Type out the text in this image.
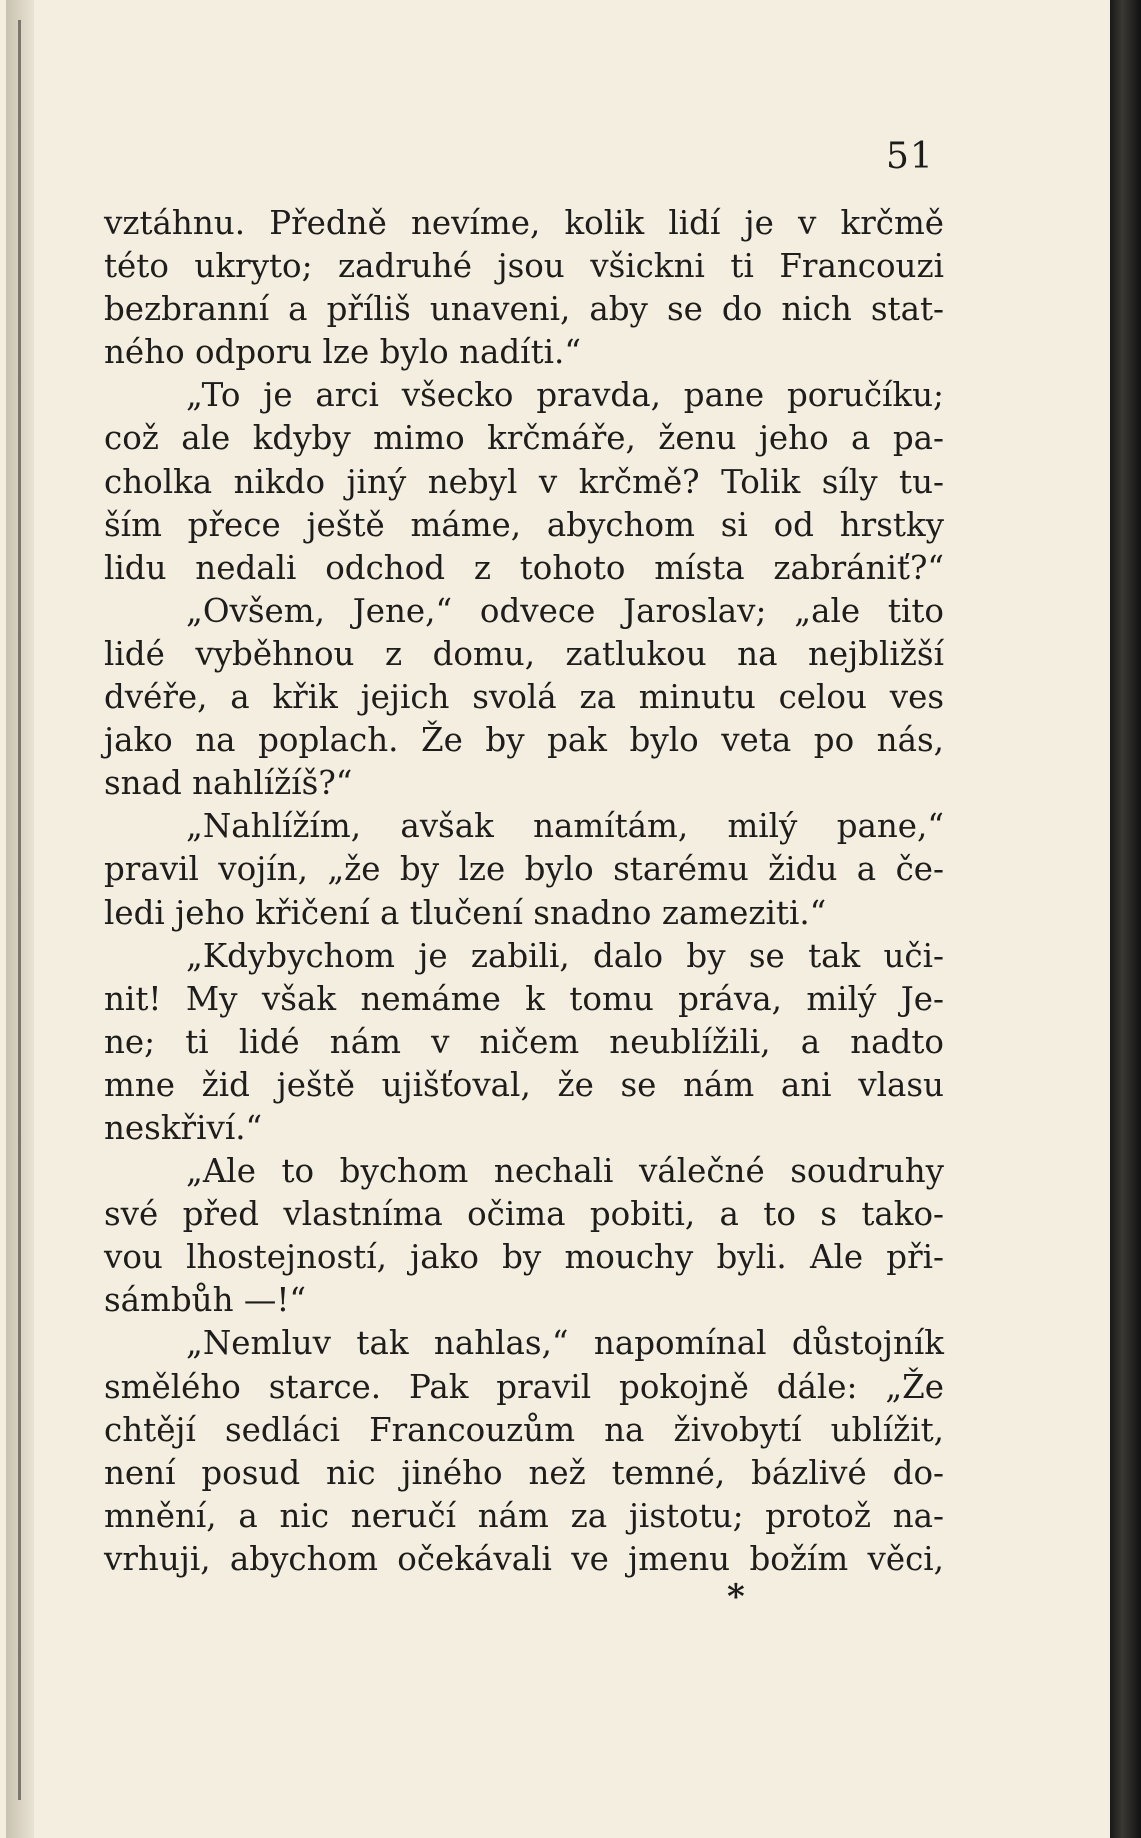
51
vztáhnu. Předně nevíme, kolik lidí je v krčmě
této ukryto; zadruhé jsou všickni ti Francouzi
bezbranní a příliš unaveni, aby se do nich stat-
ného odporu lze bylo nadíti.“
„To je arci všecko pravda, pane poručíku;
což ale kdyby mimo krčmáře, ženu jeho a pa-
cholka nikdo jiný nebyl v krčmě? Tolik síly tu-
ším přece ještě máme, abychom si od hrstky
lidu nedali odchod z tohoto místa zabrániť?“
„Ovšem, Jene,“ odvece Jaroslav; „ale tito
lidé vyběhnou z domu, zatlukou na nejbližší
dvéře, a křik jejich svolá za minutu celou ves
jako na poplach. Že by pak bylo veta po nás,
snad nahlížíš?“
„Nahlížím, avšak namítám, milý pane,“
pravil vojín, „že by lze bylo starému židu a če-
ledi jeho křičení a tlučení snadno zameziti.“
„Kdybychom je zabili, dalo by se tak uči-
nit! My však nemáme k tomu práva, milý Je-
ne; ti lidé nám v ničem neublížili, a nadto
mne žid ještě ujišťoval, že se nám ani vlasu
neskřiví.“
„Ale to bychom nechali válečné soudruhy
své před vlastníma očima pobiti, a to s tako-
vou lhostejností, jako by mouchy byli. Ale při-
sámbůh —!“
„Nemluv tak nahlas,“ napomínal důstojník
smělého starce. Pak pravil pokojně dále: „Že
chtějí sedláci Francouzům na živobytí ublížit,
není posud nic jiného než temné, bázlivé do-
mnění, a nic neručí nám za jistotu; protož na-
vrhuji, abychom očekávali ve jmenu božím věci,
*
